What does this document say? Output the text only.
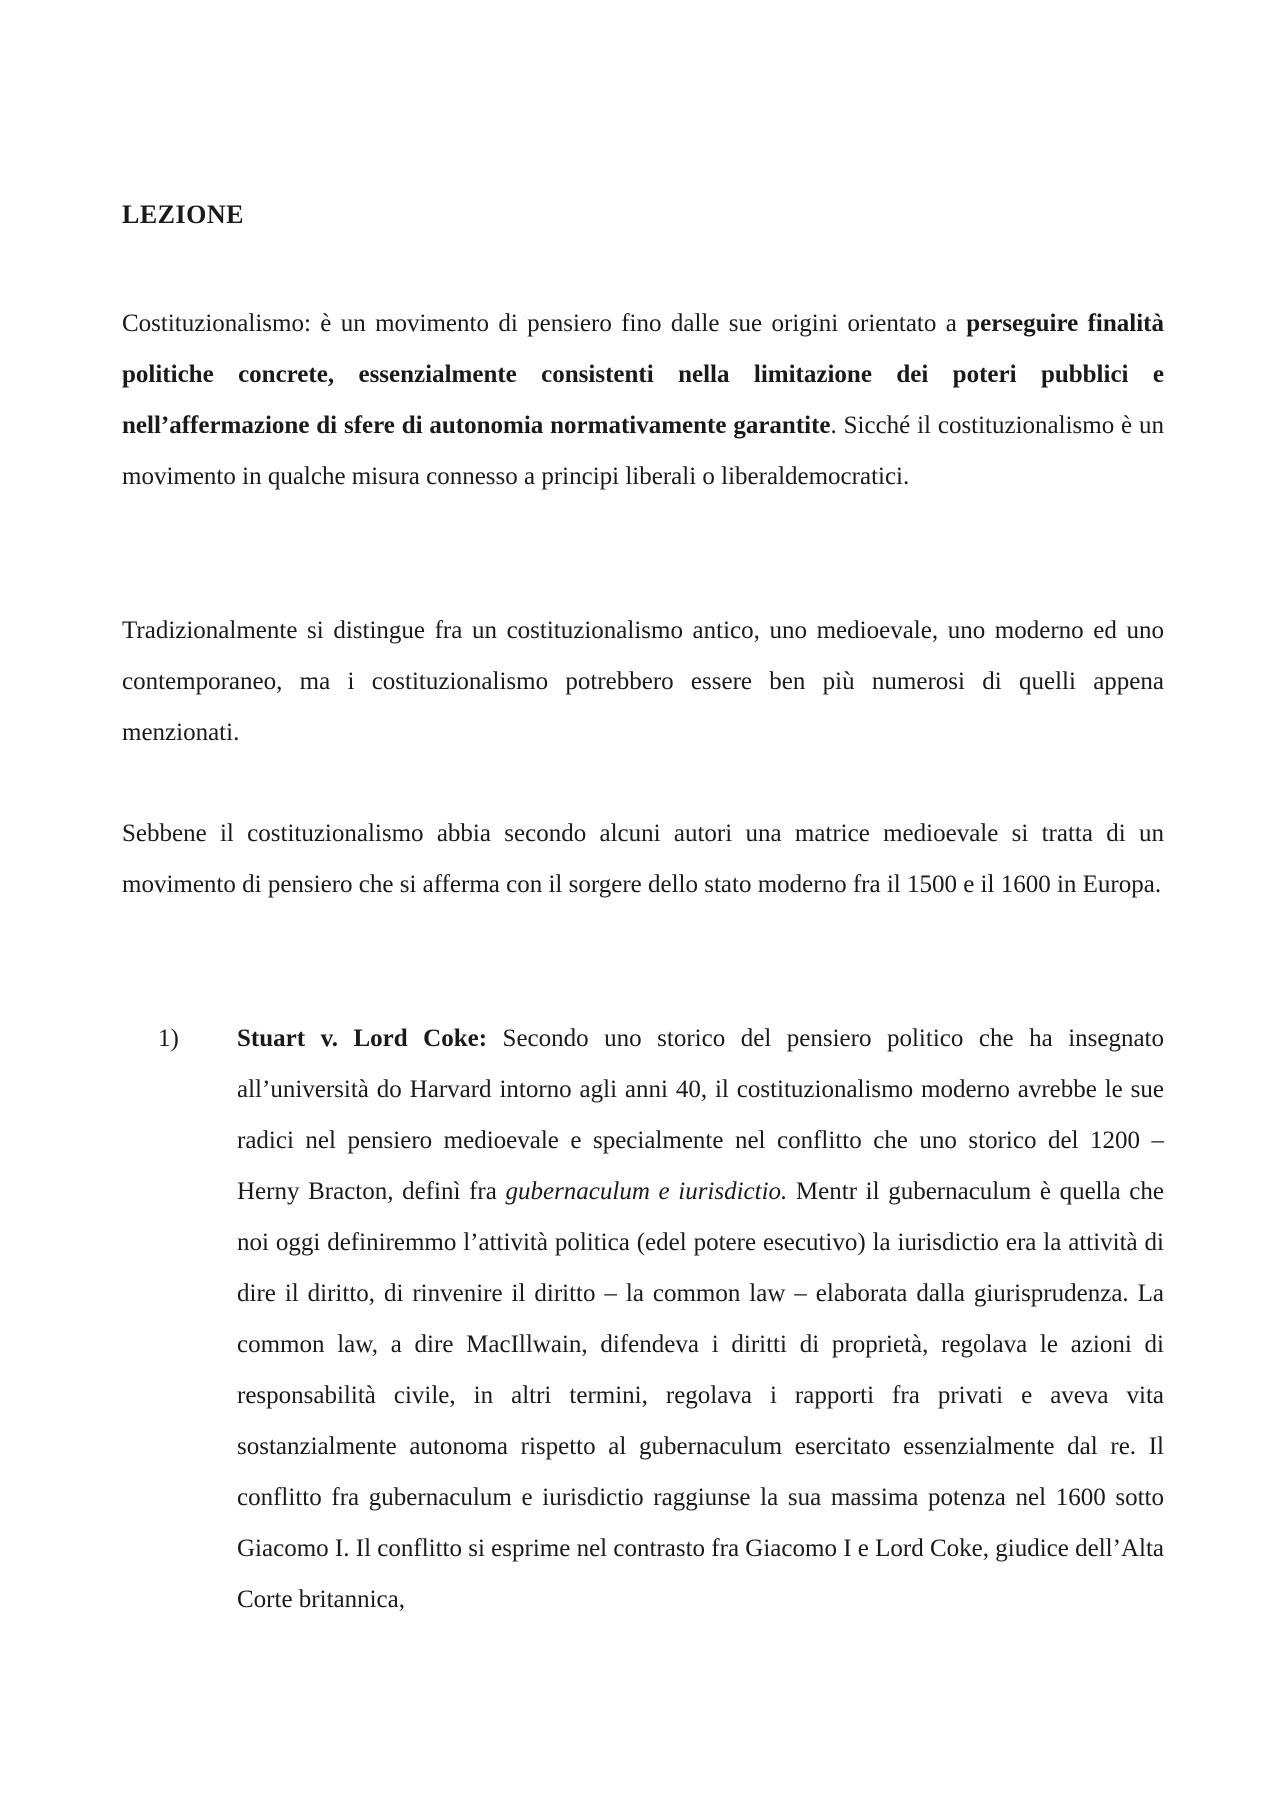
LEZIONE

Costituzionalismo: è un movimento di pensiero fino dalle sue origini orientato a perseguire finalità politiche concrete, essenzialmente consistenti nella limitazione dei poteri pubblici e nell’affermazione di sfere di autonomia normativamente garantite. Sicché il costituzionalismo è un movimento in qualche misura connesso a principi liberali o liberaldemocratici.

Tradizionalmente si distingue fra un costituzionalismo antico, uno medioevale, uno moderno ed uno contemporaneo, ma i costituzionalismo potrebbero essere ben più numerosi di quelli appena menzionati.

Sebbene il costituzionalismo abbia secondo alcuni autori una matrice medioevale si tratta di un movimento di pensiero che si afferma con il sorgere dello stato moderno fra il 1500 e il 1600 in Europa.

1) Stuart v. Lord Coke: Secondo uno storico del pensiero politico che ha insegnato all’università do Harvard intorno agli anni 40, il costituzionalismo moderno avrebbe le sue radici nel pensiero medioevale e specialmente nel conflitto che uno storico del 1200 – Herny Bracton, definì fra gubernaculum e iurisdictio. Mentr il gubernaculum è quella che noi oggi definiremmo l’attività politica (edel potere esecutivo) la iurisdictio era la attività di dire il diritto, di rinvenire il diritto – la common law – elaborata dalla giurisprudenza. La common law, a dire MacIllwain, difendeva i diritti di proprietà, regolava le azioni di responsabilità civile, in altri termini, regolava i rapporti fra privati e aveva vita sostanzialmente autonoma rispetto al gubernaculum esercitato essenzialmente dal re. Il conflitto fra gubernaculum e iurisdictio raggiunse la sua massima potenza nel 1600 sotto Giacomo I. Il conflitto si esprime nel contrasto fra Giacomo I e Lord Coke, giudice dell’Alta Corte britannica,
